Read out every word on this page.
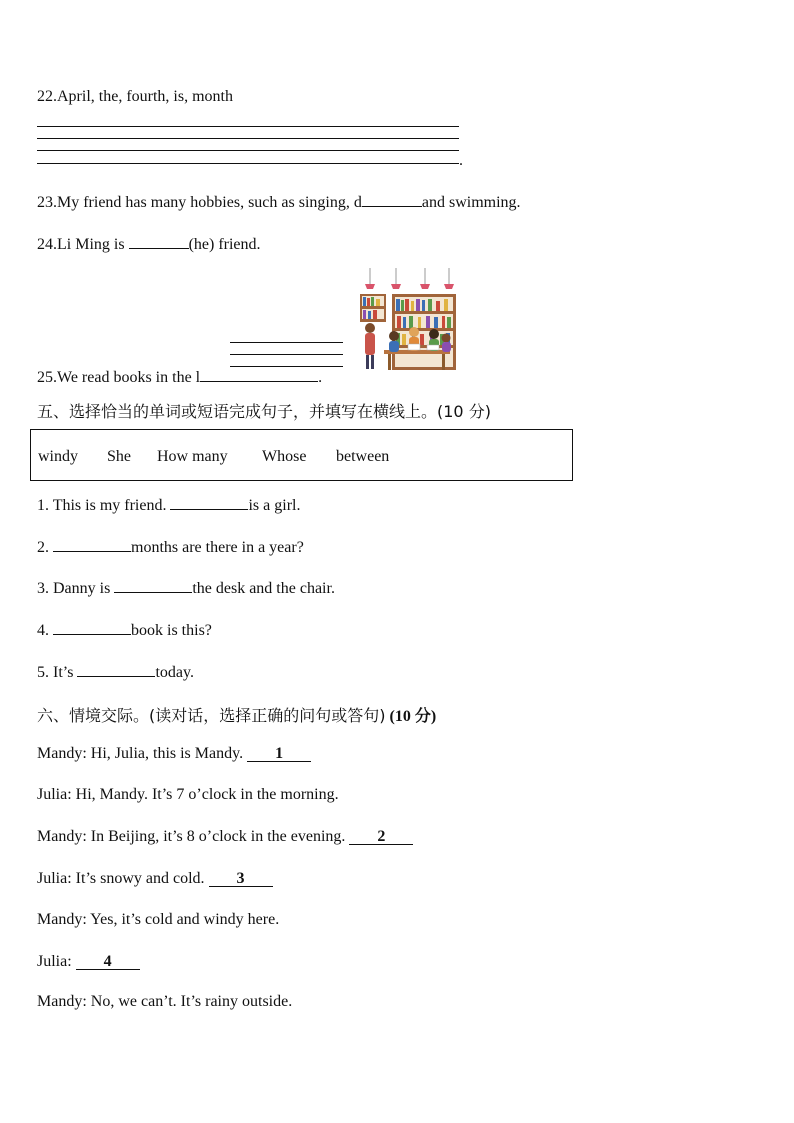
22.April, the, fourth, is, month
.
23.My friend has many hobbies, such as singing, d	and swimming.
24.Li Ming is	(he) friend.
25.We read books in the l	.
五、选择恰当的单词或短语完成句子，并填写在横线上。(10 分)
windy She How many Whose between
1. This is my friend.	is a girl.
2.	months are there in a year?
3. Danny is	the desk and the chair.
4.	book is this?
5. It’s	today.
六、情境交际。(读对话，选择正确的问句或答句) (10 分)
Mandy: Hi, Julia, this is Mandy. 1
Julia: Hi, Mandy. It’s 7 o’clock in the morning.
Mandy: In Beijing, it’s 8 o’clock in the evening. 2
Julia: It’s snowy and cold. 3
Mandy: Yes, it’s cold and windy here.
Julia: 4
Mandy: No, we can’t. It’s rainy outside.
